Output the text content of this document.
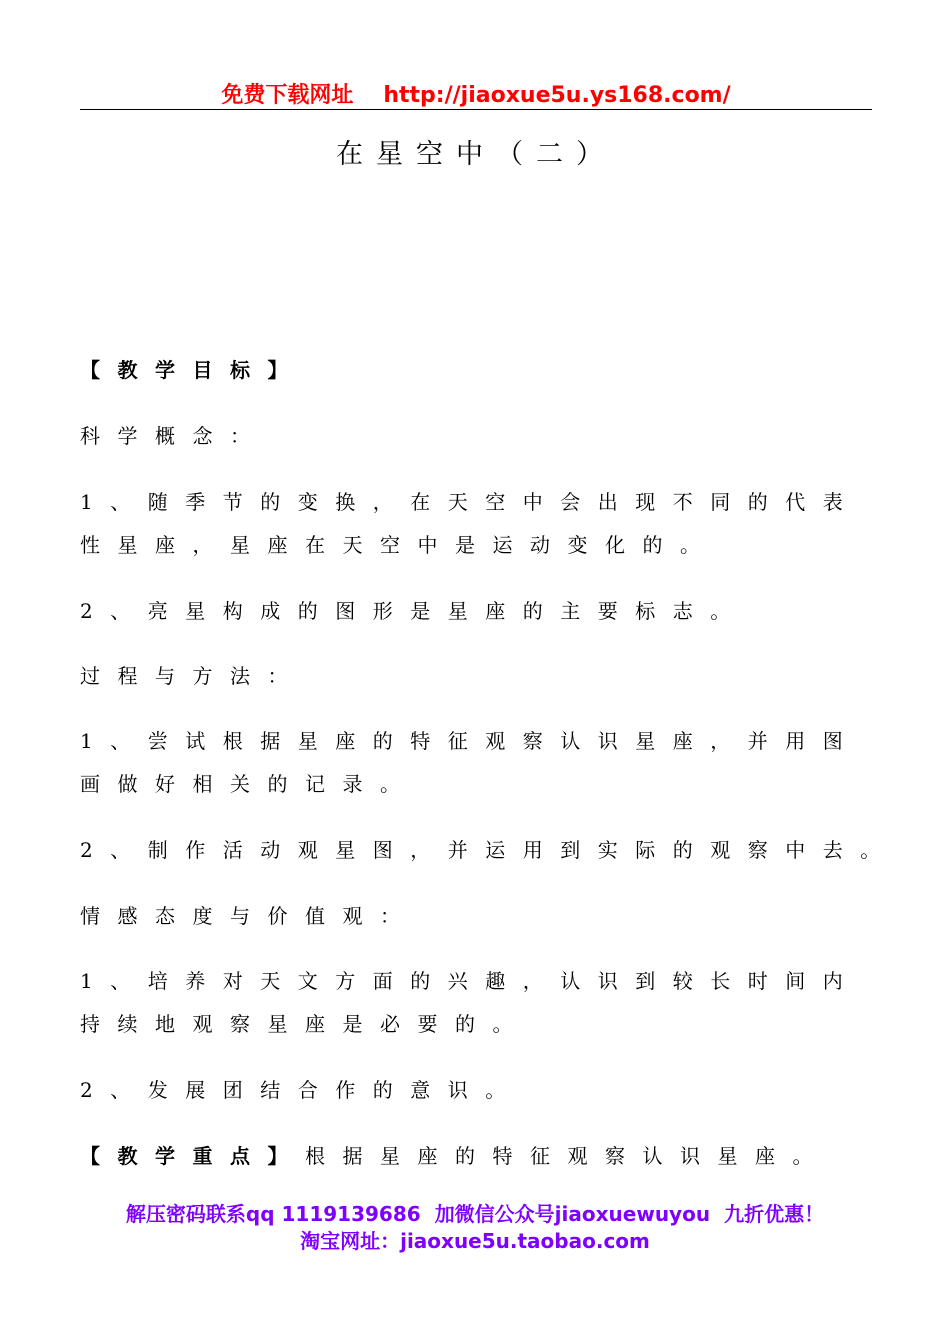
免费下载网址 http://jiaoxue5u.ys168.com/
在星空中（二）
【教学目标】
科学概念：
1、随季节的变换，在天空中会出现不同的代表
性星座，星座在天空中是运动变化的。
2、亮星构成的图形是星座的主要标志。
过程与方法：
1、尝试根据星座的特征观察认识星座，并用图
画做好相关的记录。
2、制作活动观星图，并运用到实际的观察中去。
情感态度与价值观：
1、培养对天文方面的兴趣，认识到较长时间内
持续地观察星座是必要的。
2、发展团结合作的意识。
【教学重点】根据星座的特征观察认识星座。
解压密码联系qq 1119139686 加微信公众号jiaoxuewuyou 九折优惠！
淘宝网址：jiaoxue5u.taobao.com
